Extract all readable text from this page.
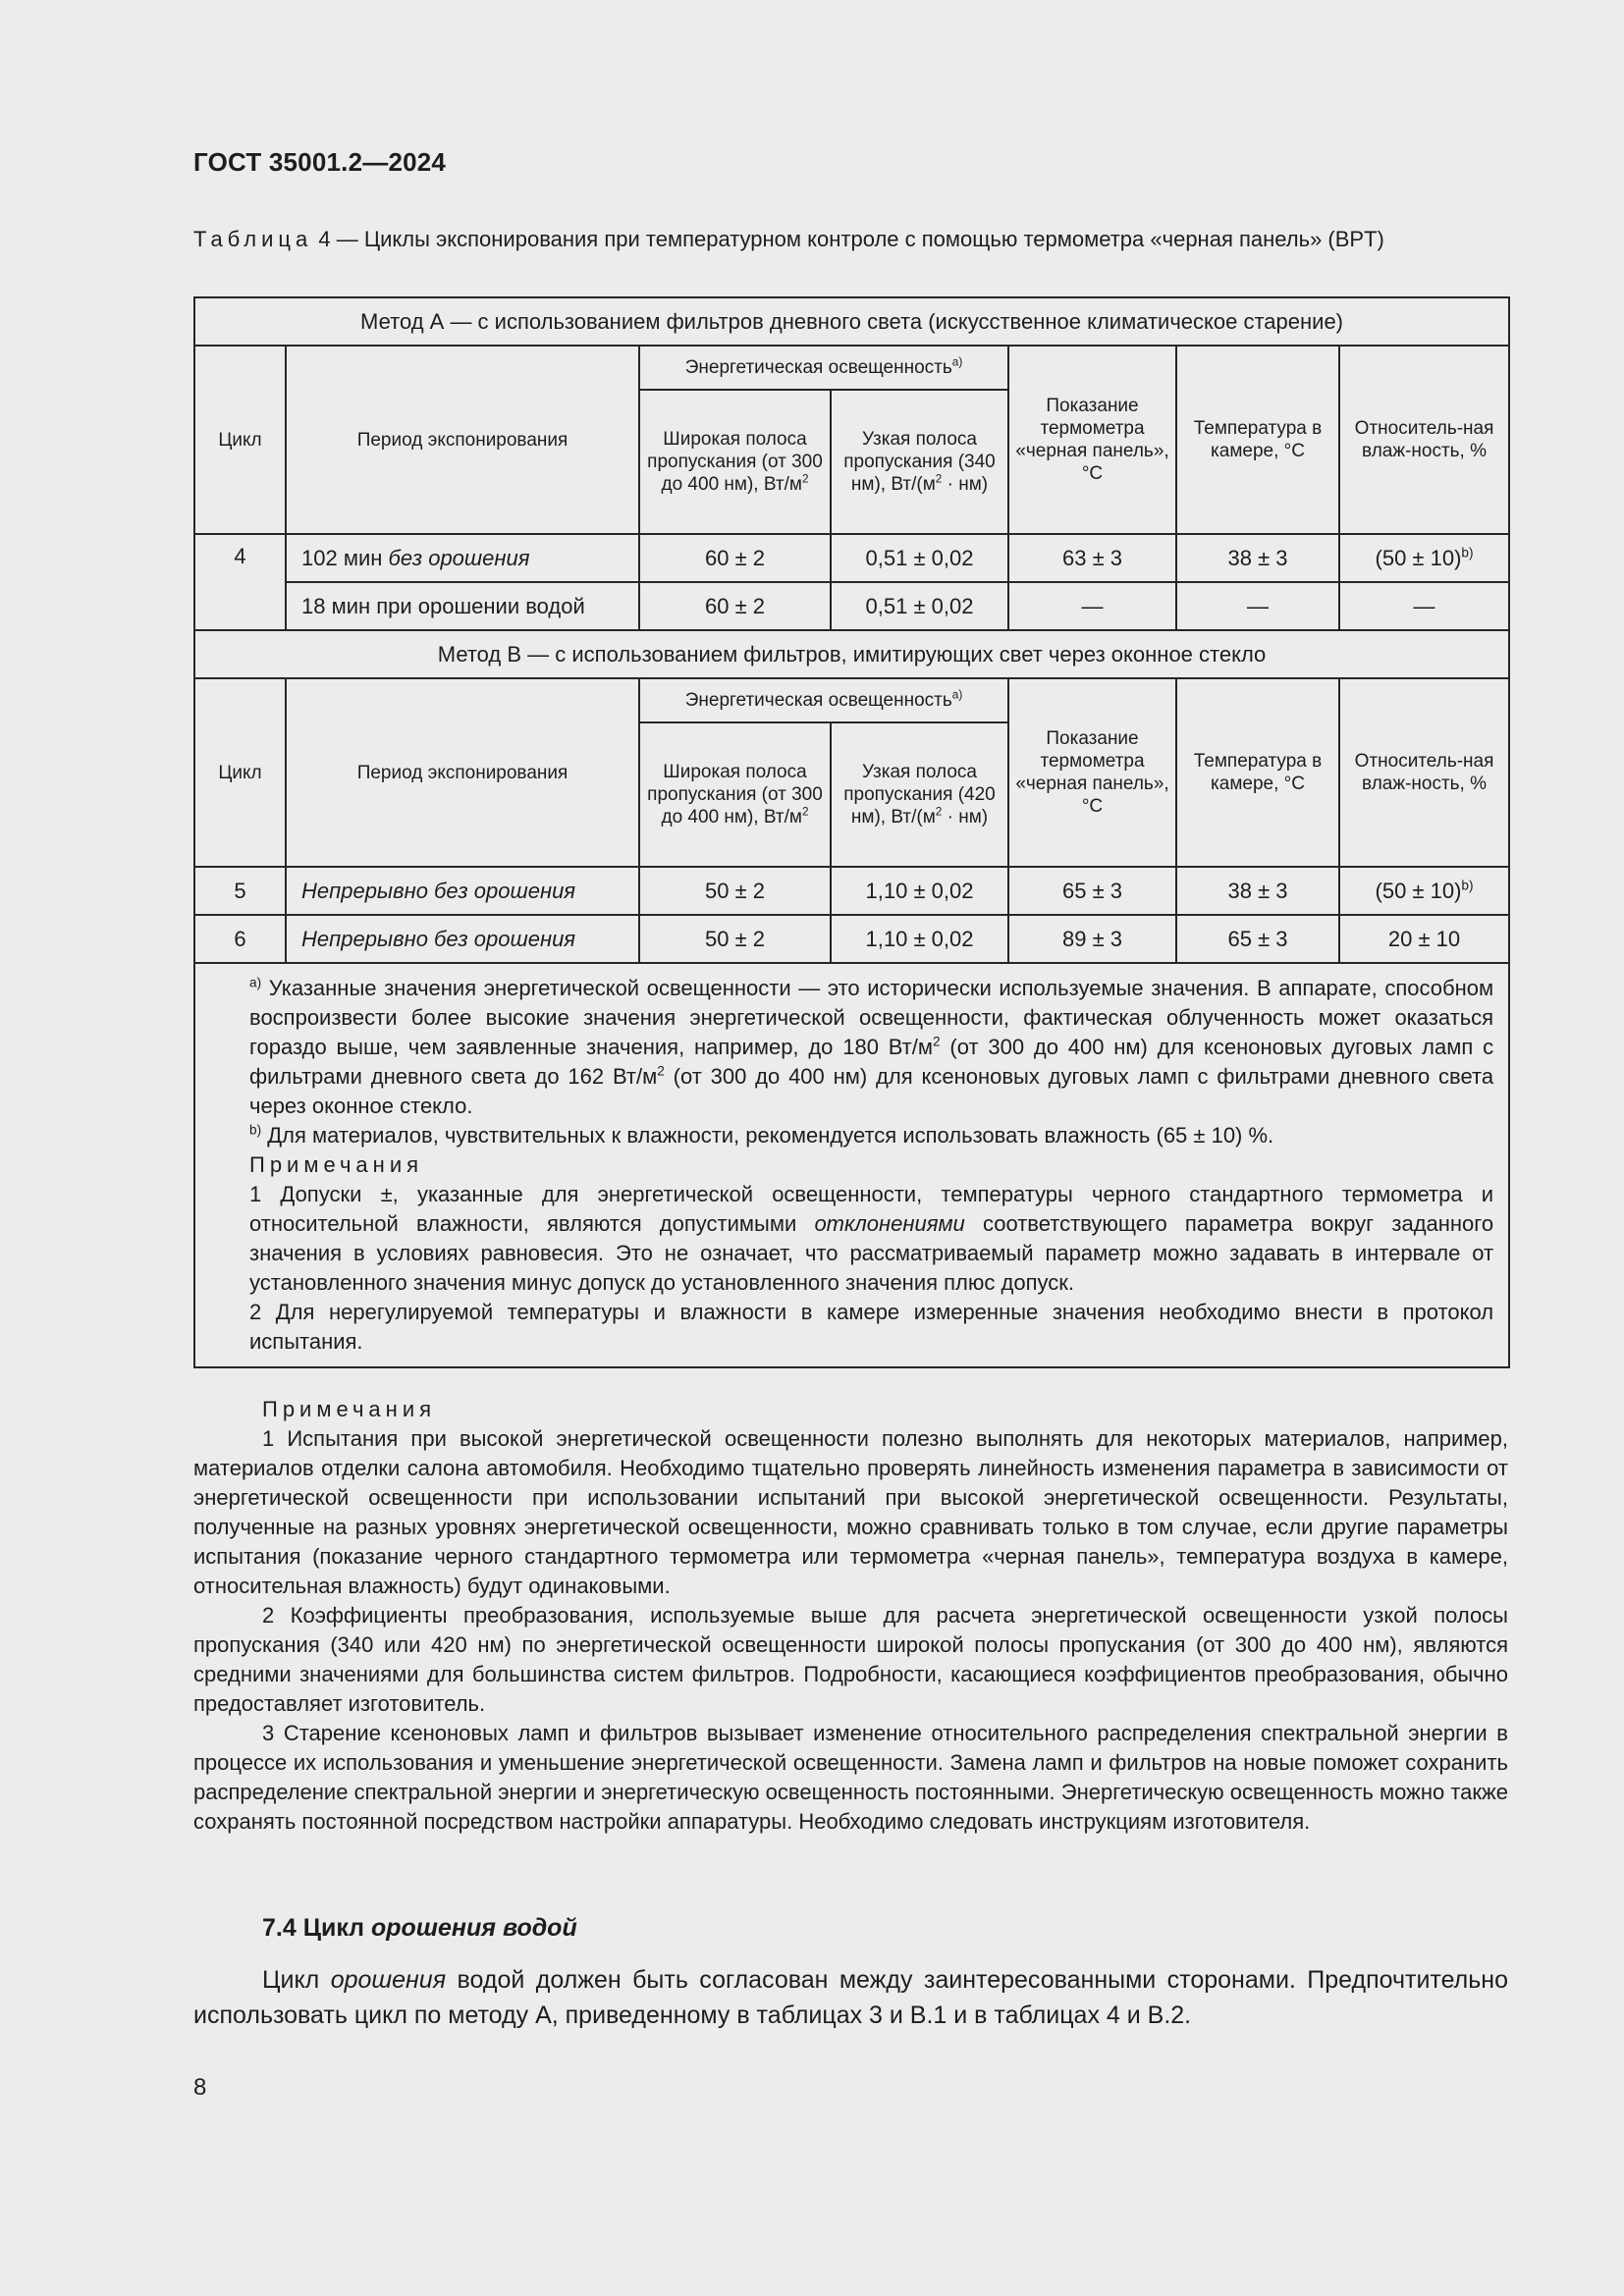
ГОСТ 35001.2—2024
Таблица 4 — Циклы экспонирования при температурном контроле с помощью термометра «черная панель» (BPT)
Метод А — с использованием фильтров дневного света (искусственное климатическое старение)						
Цикл	Период экспонирования	Энергетическая освещенность$^{a)}$		Показание термометра «черная панель», °С	Температура в камере, °С	Относитель-ная влаж-ность, %
		Широкая полоса пропускания (от 300 до 400 нм), $Вт/м^2$	Узкая полоса пропускания (340 нм), $Вт/(м^2 \cdot нм)$			
4	102 мин без орошения	60 ± 2	0,51 ± 0,02	63 ± 3	38 ± 3	$(50 \pm 10)^{b)}$
	18 мин при орошении водой	60 ± 2	0,51 ± 0,02	—	—	—
Метод В — с использованием фильтров, имитирующих свет через оконное стекло						
Цикл	Период экспонирования	Энергетическая освещенность$^{a)}$		Показание термометра «черная панель», °С	Температура в камере, °С	Относитель-ная влаж-ность, %
		Широкая полоса пропускания (от 300 до 400 нм), $Вт/м^2$	Узкая полоса пропускания (420 нм), $Вт/(м^2 \cdot нм)$			
5	Непрерывно без орошения	50 ± 2	1,10 ± 0,02	65 ± 3	38 ± 3	$(50 \pm 10)^{b)}$
6	Непрерывно без орошения	50 ± 2	1,10 ± 0,02	89 ± 3	65 ± 3	20 ± 10

$^{a)}$ Указанные значения энергетической освещенности — это исторически используемые значения. В аппарате, способном воспроизвести более высокие значения энергетической освещенности, фактическая облученность может оказаться гораздо выше, чем заявленные значения, например, до 180 $Вт/м^2$ (от 300 до 400 нм) для ксеноновых дуговых ламп с фильтрами дневного света до 162 $Вт/м^2$ (от 300 до 400 нм) для ксеноновых дуговых ламп с фильтрами дневного света через оконное стекло.

$^{b)}$ Для материалов, чувствительных к влажности, рекомендуется использовать влажность (65 ± 10) %.

Примечания

1 Допуски ±, указанные для энергетической освещенности, температуры черного стандартного термометра и относительной влажности, являются допустимыми отклонениями соответствующего параметра вокруг заданного значения в условиях равновесия. Это не означает, что рассматриваемый параметр можно задавать в интервале от установленного значения минус допуск до установленного значения плюс допуск.

2 Для нерегулируемой температуры и влажности в камере измеренные значения необходимо внести в протокол испытания.						

Примечания

1 Испытания при высокой энергетической освещенности полезно выполнять для некоторых материалов, например, материалов отделки салона автомобиля. Необходимо тщательно проверять линейность изменения параметра в зависимости от энергетической освещенности при использовании испытаний при высокой энергетической освещенности. Результаты, полученные на разных уровнях энергетической освещенности, можно сравнивать только в том случае, если другие параметры испытания (показание черного стандартного термометра или термометра «черная панель», температура воздуха в камере, относительная влажность) будут одинаковыми.

2 Коэффициенты преобразования, используемые выше для расчета энергетической освещенности узкой полосы пропускания (340 или 420 нм) по энергетической освещенности широкой полосы пропускания (от 300 до 400 нм), являются средними значениями для большинства систем фильтров. Подробности, касающиеся коэффициентов преобразования, обычно предоставляет изготовитель.

3 Старение ксеноновых ламп и фильтров вызывает изменение относительного распределения спектральной энергии в процессе их использования и уменьшение энергетической освещенности. Замена ламп и фильтров на новые поможет сохранить распределение спектральной энергии и энергетическую освещенность постоянными. Энергетическую освещенность можно также сохранять постоянной посредством настройки аппаратуры. Необходимо следовать инструкциям изготовителя.

7.4 Цикл орошения водой

Цикл орошения водой должен быть согласован между заинтересованными сторонами. Предпочтительно использовать цикл по методу А, приведенному в таблицах 3 и В.1 и в таблицах 4 и В.2.

8
